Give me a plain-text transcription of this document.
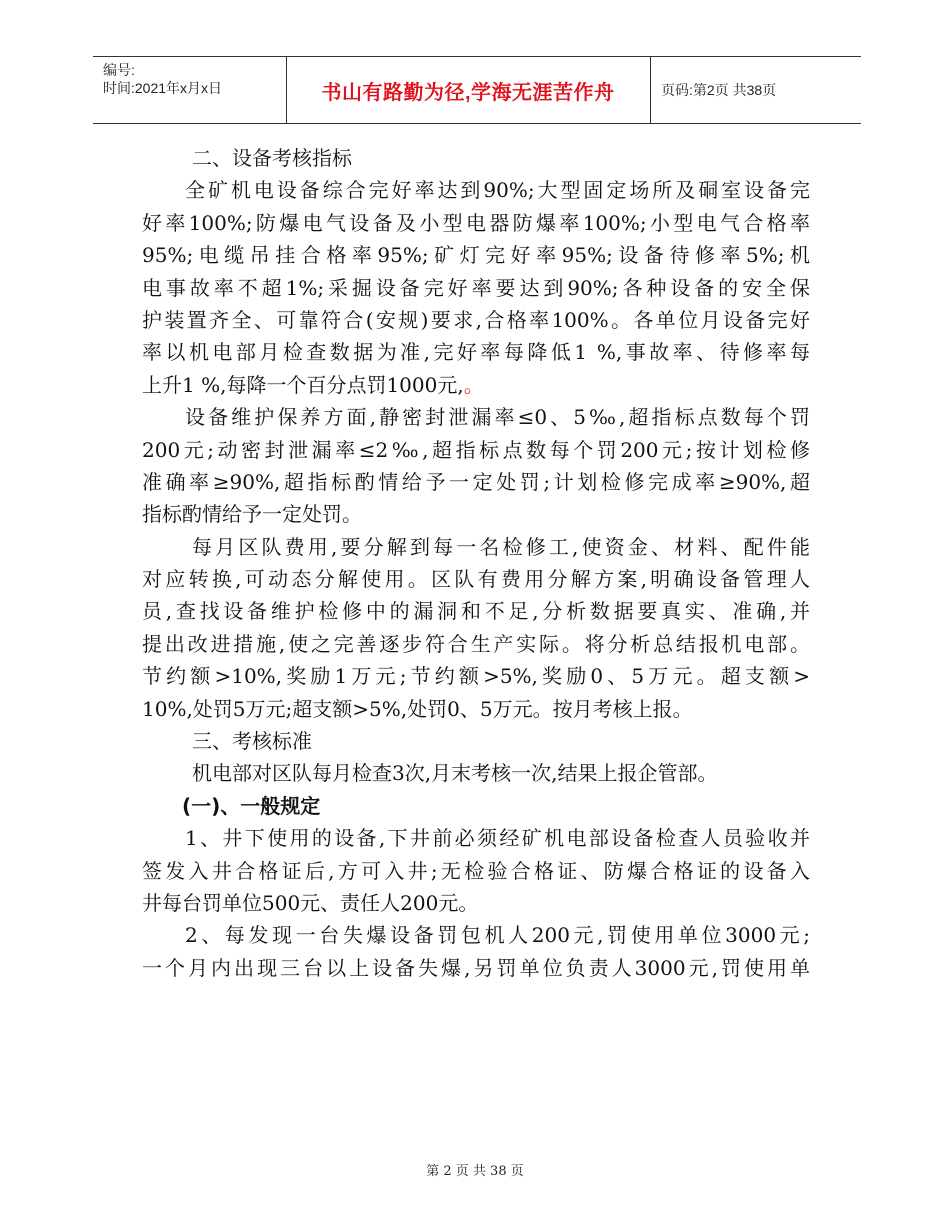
编号:
时间:2021年x月x日	书山有路勤为径,学海无涯苦作舟	页码:第2页 共38页
二、设备考核指标
全矿机电设备综合完好率达到90%;大型固定场所及硐室设备完
好率100%;防爆电气设备及小型电器防爆率100%;小型电气合格率
95%;电缆吊挂合格率95%;矿灯完好率95%;设备待修率5%;机
电事故率不超1%;采掘设备完好率要达到90%;各种设备的安全保
护装置齐全、可靠符合(安规)要求,合格率100%。各单位月设备完好
率以机电部月检查数据为准,完好率每降低1 %,事故率、待修率每
上升1 %,每降一个百分点罚1000元,。
设备维护保养方面,静密封泄漏率≤0、5‰,超指标点数每个罚
200元;动密封泄漏率≤2‰,超指标点数每个罚200元;按计划检修
准确率≥90%,超指标酌情给予一定处罚;计划检修完成率≥90%,超
指标酌情给予一定处罚。
每月区队费用,要分解到每一名检修工,使资金、材料、配件能
对应转换,可动态分解使用。区队有费用分解方案,明确设备管理人
员,查找设备维护检修中的漏洞和不足,分析数据要真实、准确,并
提出改进措施,使之完善逐步符合生产实际。将分析总结报机电部。
节约额>10%,奖励1万元;节约额>5%,奖励0、5万元。超支额>
10%,处罚5万元;超支额>5%,处罚0、5万元。按月考核上报。
三、考核标准
机电部对区队每月检查3次,月末考核一次,结果上报企管部。
(一)、一般规定
1、井下使用的设备,下井前必须经矿机电部设备检查人员验收并
签发入井合格证后,方可入井;无检验合格证、防爆合格证的设备入
井每台罚单位500元、责任人200元。
2、每发现一台失爆设备罚包机人200元,罚使用单位3000元;
一个月内出现三台以上设备失爆,另罚单位负责人3000元,罚使用单
第 2 页 共 38 页
